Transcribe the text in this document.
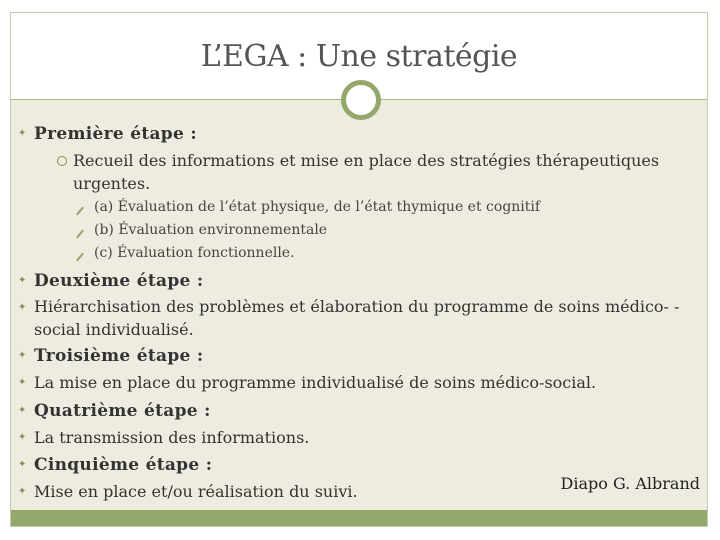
L’EGA : Une stratégie
✦ Première étape :
Recueil des informations et mise en place des stratégies thérapeutiques
urgentes.
(a) Évaluation de l’état physique, de l’état thymique et cognitif
(b) Évaluation environnementale
(c) Évaluation fonctionnelle.
✦ Deuxième étape :
✦ Hiérarchisation des problèmes et élaboration du programme de soins médico- -
social individualisé.
✦ Troisième étape :
✦ La mise en place du programme individualisé de soins médico-social.
✦ Quatrième étape :
✦ La transmission des informations.
✦ Cinquième étape :
✦ Mise en place et/ou réalisation du suivi.	Diapo G. Albrand
